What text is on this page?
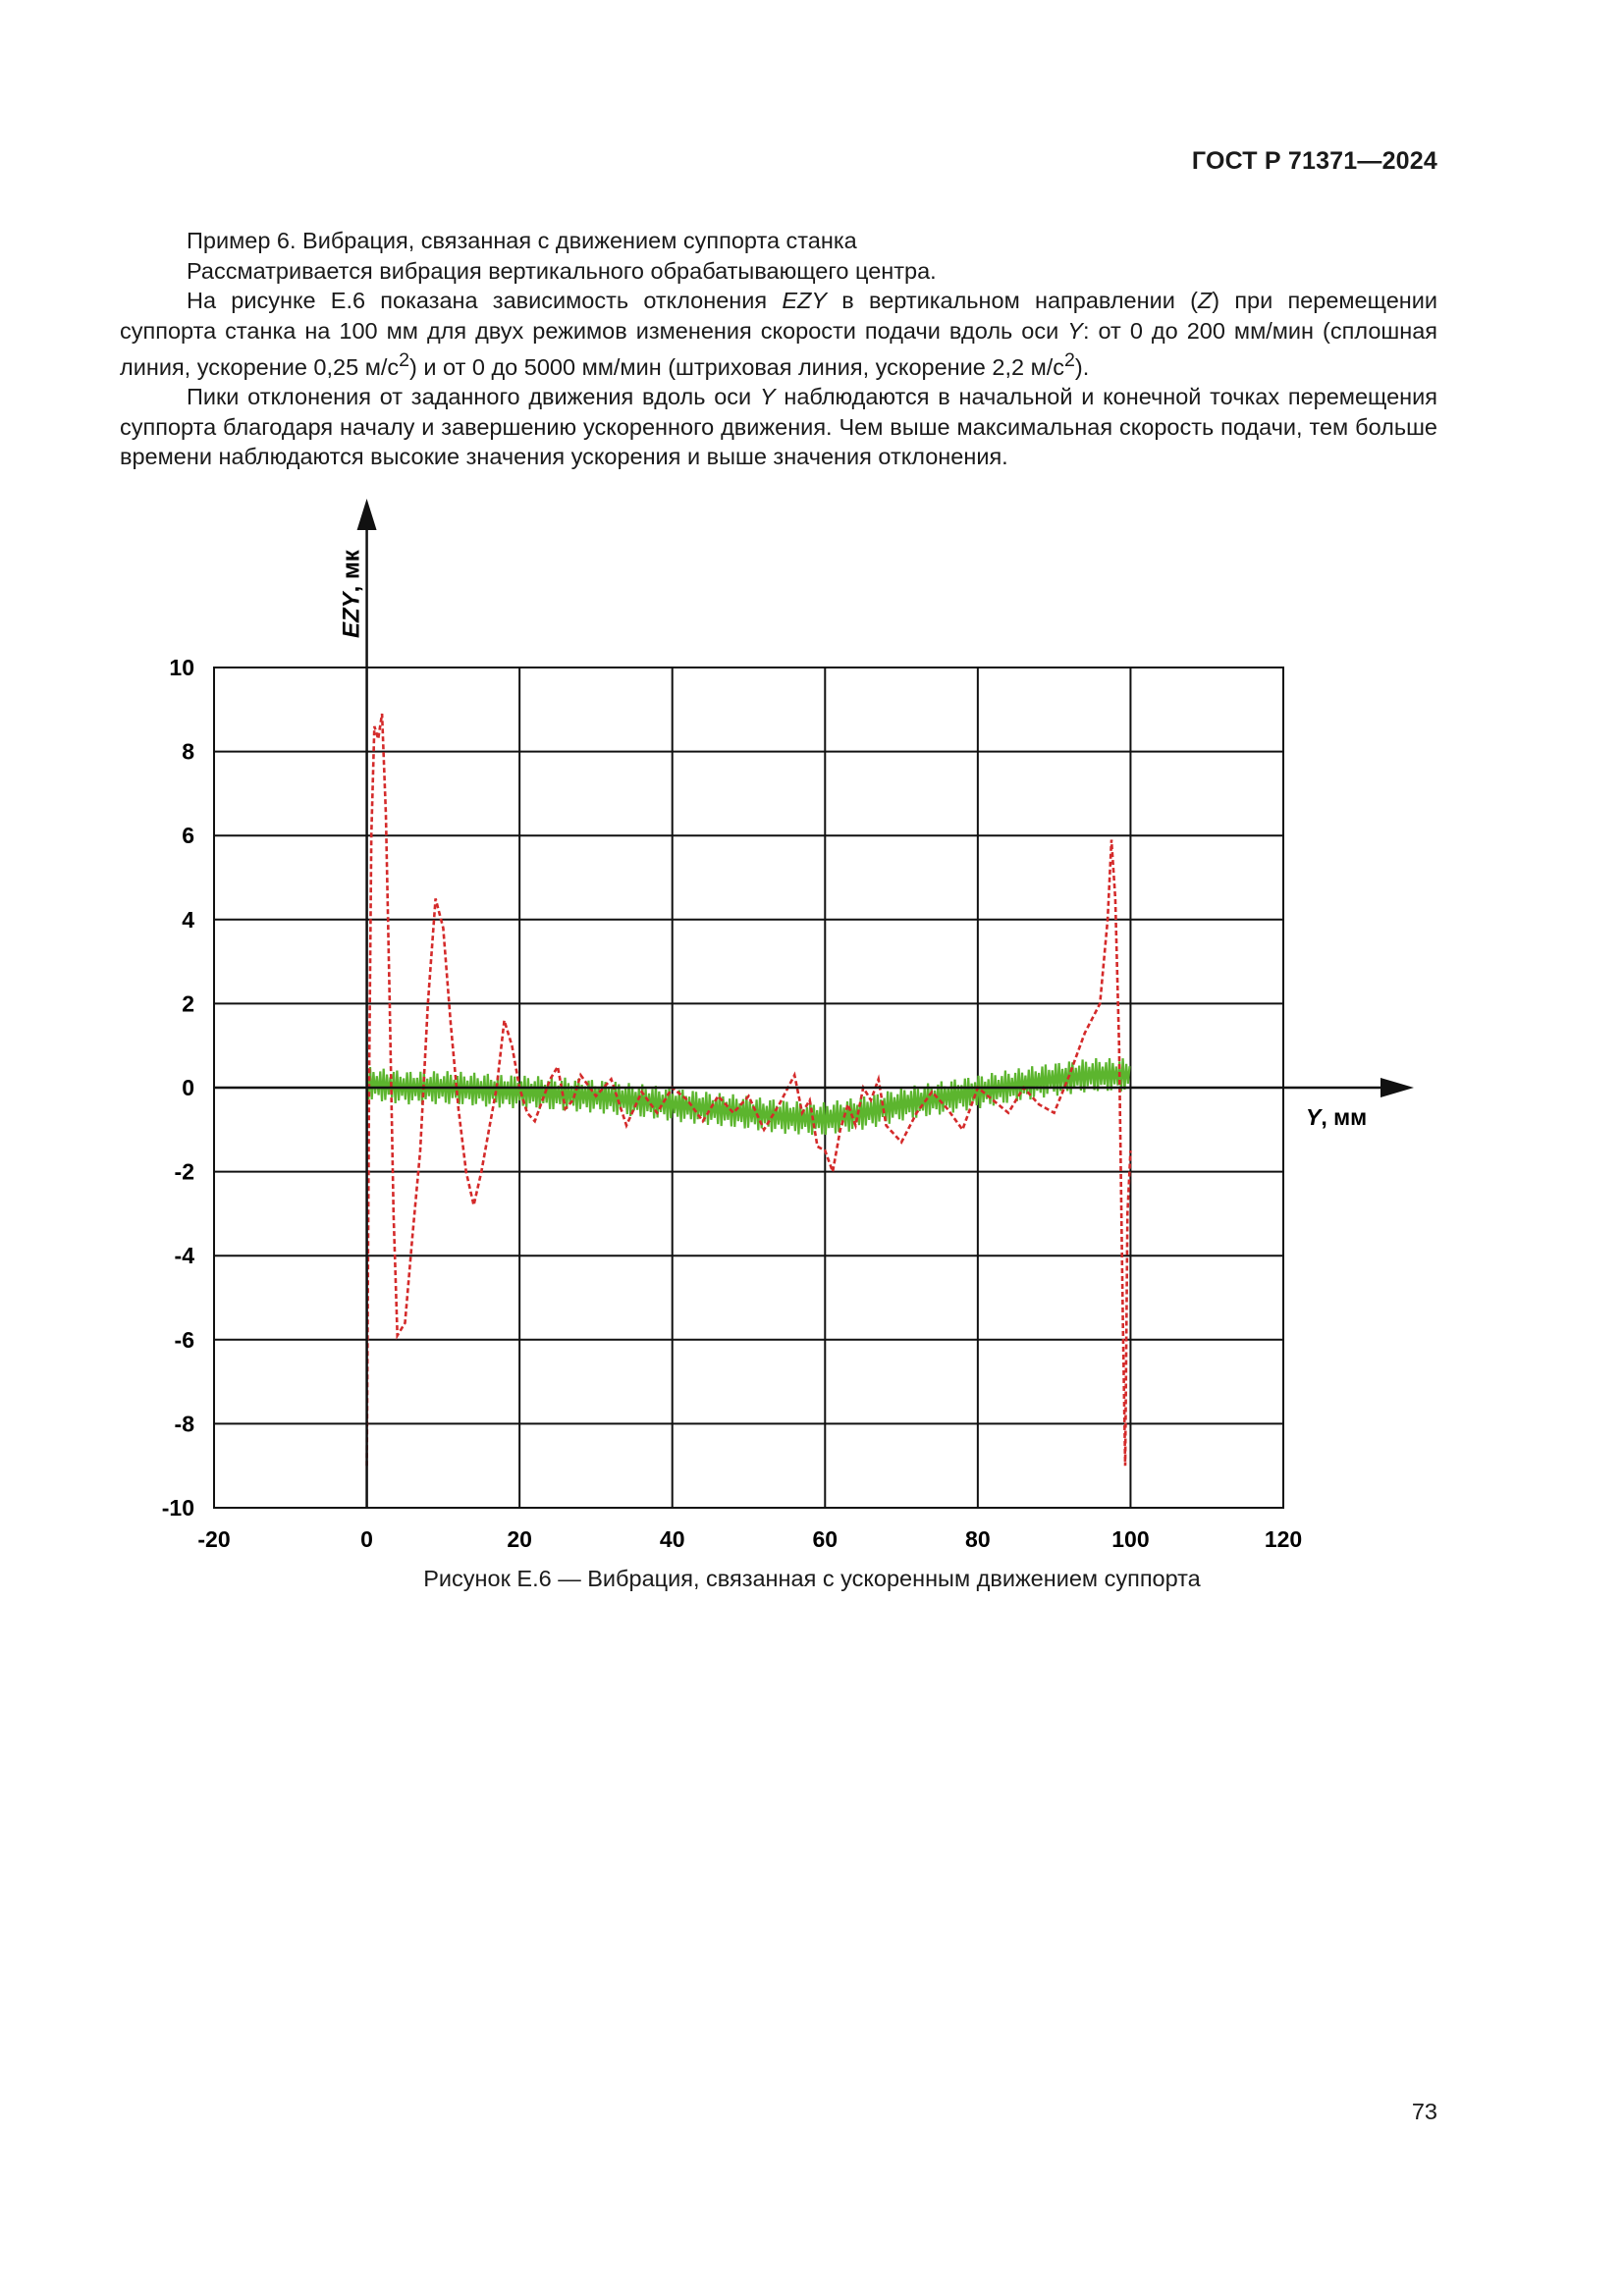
ГОСТ Р 71371—2024

Пример 6. Вибрация, связанная с движением суппорта станка

Рассматривается вибрация вертикального обрабатывающего центра.

На рисунке Е.6 показана зависимость отклонения EZY в вертикальном направлении (Z) при перемещении суппорта станка на 100 мм для двух режимов изменения скорости подачи вдоль оси Y: от 0 до 200 мм/мин (сплошная линия, ускорение 0,25 $м/с^2$) и от 0 до 5000 мм/мин (штриховая линия, ускорение 2,2 $м/с^2$).

Пики отклонения от заданного движения вдоль оси Y наблюдаются в начальной и конечной точках перемещения суппорта благодаря началу и завершению ускоренного движения. Чем выше максимальная скорость подачи, тем больше времени наблюдаются высокие значения ускорения и выше значения отклонения.

-20	0	20	40	60	80	100	120
-10
-8
-6
-4
-2
0
2
4
6
8
10
EZY, мк
Y, мм
Рисунок Е.6 — Вибрация, связанная с ускоренным движением суппорта
73
